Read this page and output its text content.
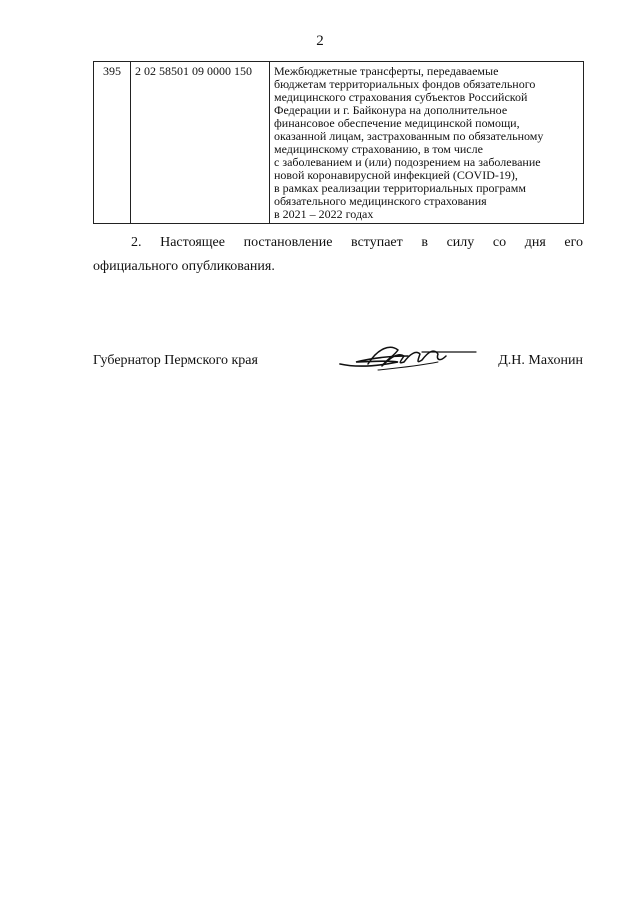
2
395	2 02 58501 09 0000 150	Межбюджетные трансферты, передаваемые
бюджетам территориальных фондов обязательного
медицинского страхования субъектов Российской
Федерации и г. Байконура на дополнительное
финансовое обеспечение медицинской помощи,
оказанной лицам, застрахованным по обязательному
медицинскому страхованию, в том числе
с заболеванием и (или) подозрением на заболевание
новой коронавирусной инфекцией (COVID-19),
в рамках реализации территориальных программ
обязательного медицинского страхования
в 2021 – 2022 годах
2. Настоящее постановление вступает в силу со дня его
официального опубликования.
Губернатор Пермского края	Д.Н. Махонин
